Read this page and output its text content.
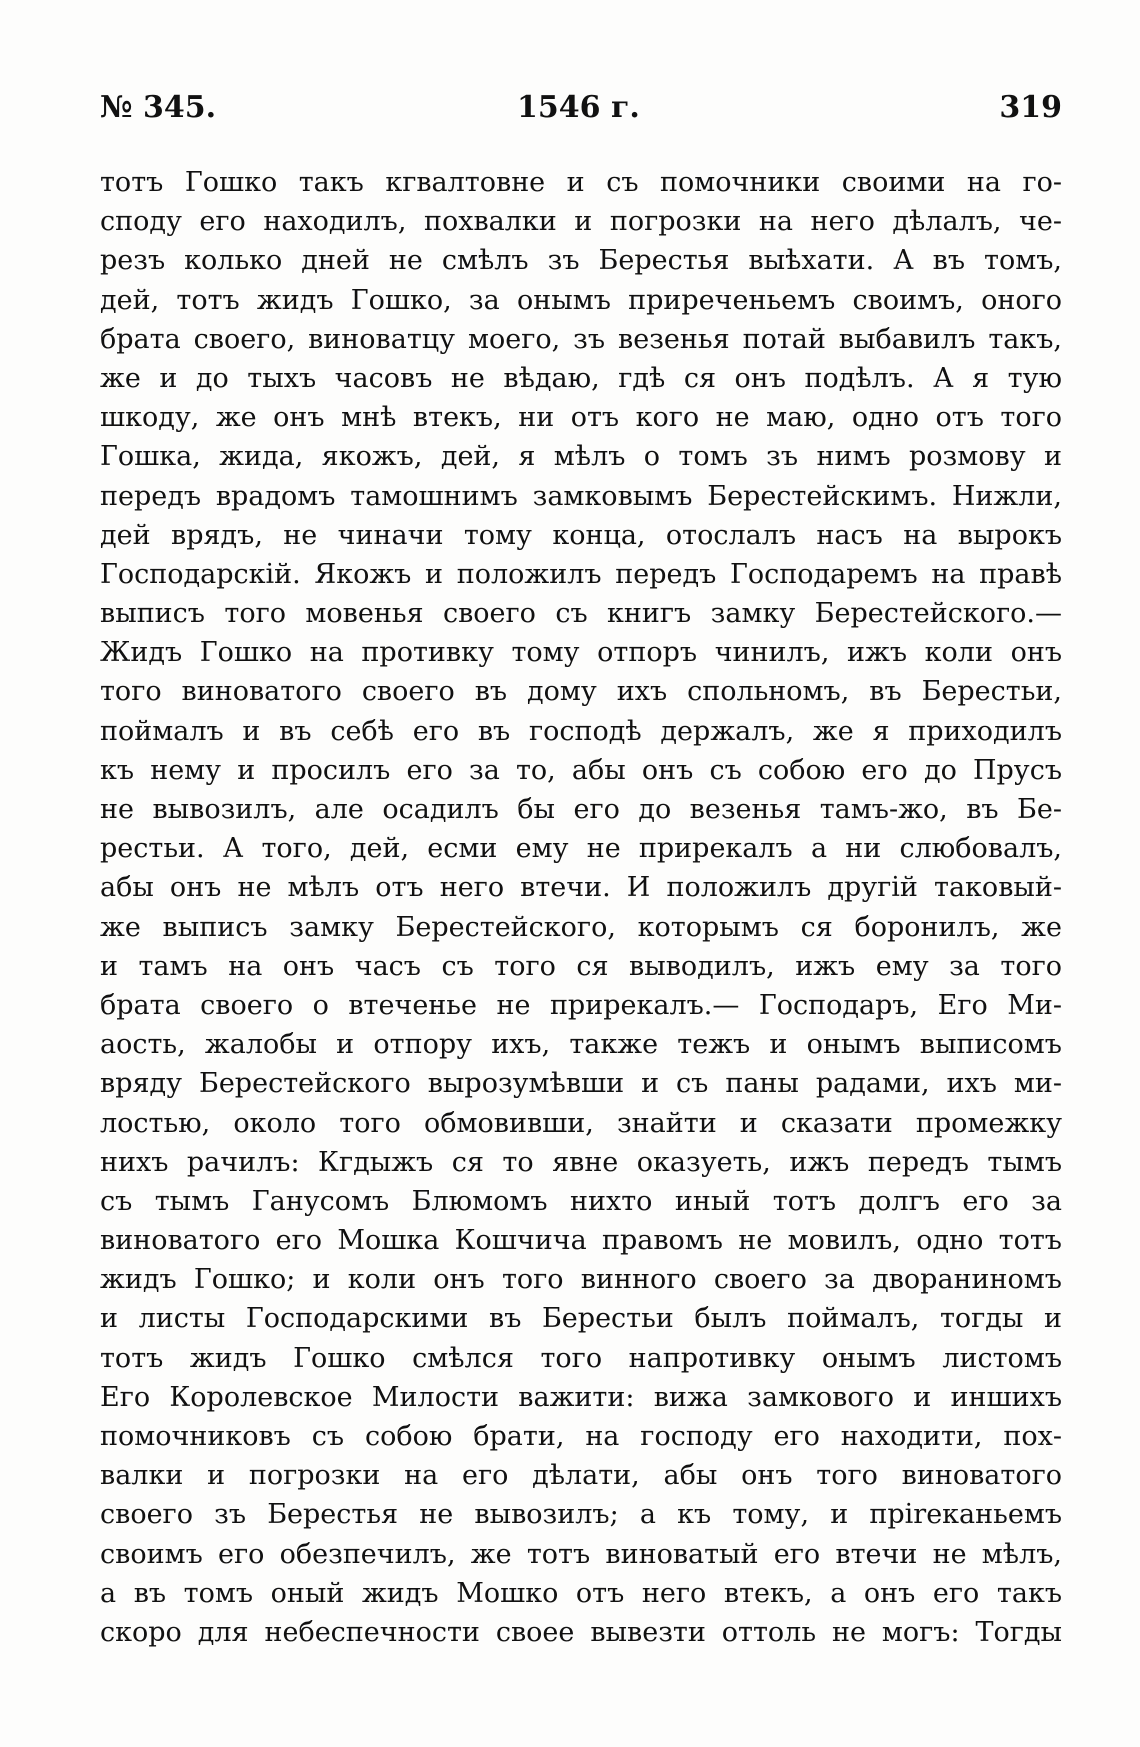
№ 345.	1546 г.	319
тотъ Гошко такъ кгвалтовне и съ помочники своими на го-
споду его находилъ, похвалки и погрозки на него дѣлалъ, че-
резъ колько дней не смѣлъ зъ Берестья выѣхати. А въ томъ,
дей, тотъ жидъ Гошко, за онымъ приреченьемъ своимъ, оного
брата своего, виноватцу моего, зъ везенья потай выбавилъ такъ,
же и до тыхъ часовъ не вѣдаю, гдѣ ся онъ подѣлъ. А я тую
шкоду, же онъ мнѣ втекъ, ни отъ кого не маю, одно отъ того
Гошка, жида, якожъ, дей, я мѣлъ о томъ зъ нимъ розмову и
передъ врадомъ тамошнимъ замковымъ Берестейскимъ. Нижли,
дей врядъ, не чиначи тому конца, отослалъ насъ на вырокъ
Господарскій. Якожъ и положилъ передъ Господаремъ на правѣ
выписъ того мовенья своего съ книгъ замку Берестейского.—
Жидъ Гошко на противку тому отпоръ чинилъ, ижъ коли онъ
того виноватого своего въ дому ихъ спольномъ, въ Берестьи,
поймалъ и въ себѣ его въ господѣ держалъ, же я приходилъ
къ нему и просилъ его за то, абы онъ съ собою его до Прусъ
не вывозилъ, але осадилъ бы его до везенья тамъ-жо, въ Бе-
рестьи. А того, дей, есми ему не прирекалъ а ни слюбовалъ,
абы онъ не мѣлъ отъ него втечи. И положилъ другій таковый-
же выписъ замку Берестейского, которымъ ся боронилъ, же
и тамъ на онъ часъ съ того ся выводилъ, ижъ ему за того
брата своего о втеченье не прирекалъ.— Господаръ, Его Ми-
аость, жалобы и отпору ихъ, также тежъ и онымъ выписомъ
вряду Берестейского вырозумѣвши и съ паны радами, ихъ ми-
лостью, около того обмовивши, знайти и сказати промежку
нихъ рачилъ: Кгдыжъ ся то явне оказуеть, ижъ передъ тымъ
съ тымъ Ганусомъ Блюмомъ нихто иный тотъ долгъ его за
виноватого его Мошка Кошчича правомъ не мовилъ, одно тотъ
жидъ Гошко; и коли онъ того винного своего за двораниномъ
и листы Господарскими въ Берестьи былъ поймалъ, тогды и
тотъ жидъ Гошко смѣлся того напротивку онымъ листомъ
Его Королевское Милости важити: вижа замкового и иншихъ
помочниковъ съ собою брати, на господу его находити, пох-
валки и погрозки на его дѣлати, абы онъ того виноватого
своего зъ Берестья не вывозилъ; а къ тому, и прireканьемъ
своимъ его обезпечилъ, же тотъ виноватый его втечи не мѣлъ,
а въ томъ оный жидъ Мошко отъ него втекъ, а онъ его такъ
скоро для небеспечности своее вывезти оттоль не могъ: Тогды
